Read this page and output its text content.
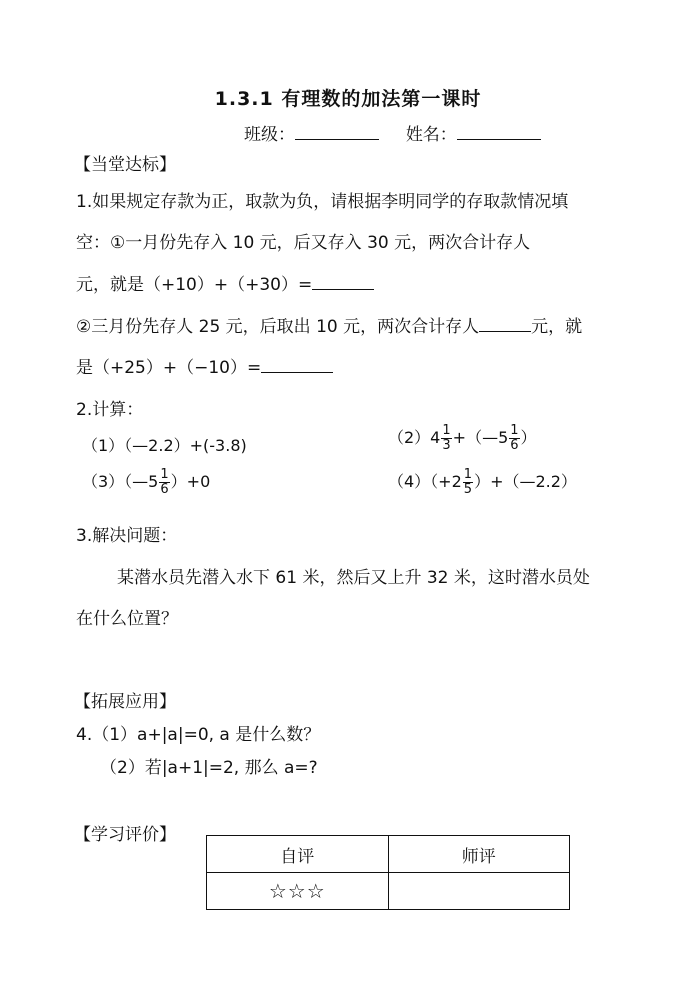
1.3.1 有理数的加法第一课时
班级：	姓名：
【当堂达标】
1.如果规定存款为正，取款为负，请根据李明同学的存取款情况填
空：①一月份先存入 10 元，后又存入 30 元，两次合计存人
元，就是（+10）+（+30）=
②三月份先存人 25 元，后取出 10 元，两次合计存人	元，就
是（+25）+（−10）=
2.计算：
（1）（—2.2）+(-3.8)	$(2)4 \frac{1}{3}$ +（—5 $\frac{1}{6}$ ）
（3）（—5 $\frac{1}{6} )+0$	$(4)(+2 \frac{1}{5}$ ）+（—2.2）
3.解决问题：
某潜水员先潜入水下 61 米，然后又上升 32 米，这时潜水员处
在什么位置？
【拓展应用】
4.（1）a+|a|=0, a 是什么数？
（2）若|a+1|=2, 那么 a=?
【学习评价】
自评	师评
☆☆☆	
